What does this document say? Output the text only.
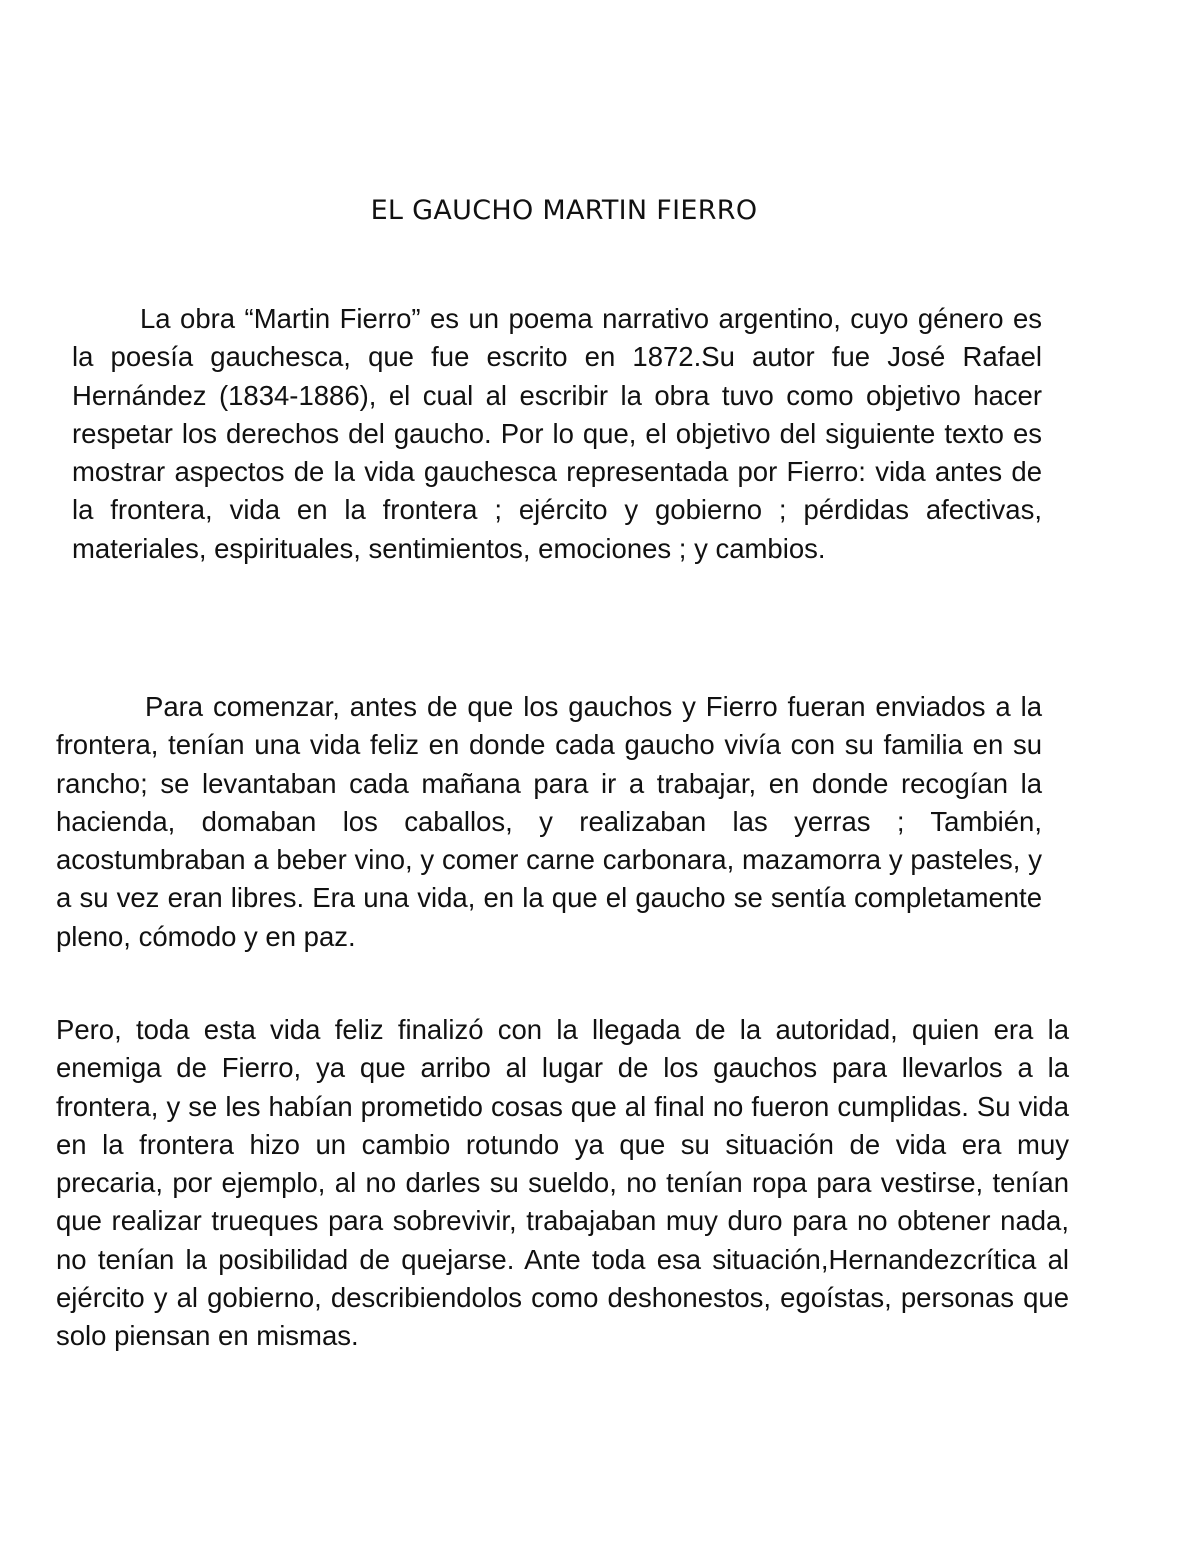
EL GAUCHO MARTIN FIERRO

La obra “Martin Fierro” es un poema narrativo argentino, cuyo género es la poesía gauchesca, que fue escrito en 1872.Su autor fue José Rafael Hernández (1834-1886), el cual al escribir la obra tuvo como objetivo hacer respetar los derechos del gaucho. Por lo que, el objetivo del siguiente texto es mostrar aspectos de la vida gauchesca representada por Fierro: vida antes de la frontera, vida en la frontera ; ejército y gobierno ; pérdidas afectivas, materiales, espirituales, sentimientos, emociones ; y cambios.

Para comenzar, antes de que los gauchos y Fierro fueran enviados a la frontera, tenían una vida feliz en donde cada gaucho vivía con su familia en su rancho; se levantaban cada mañana para ir a trabajar, en donde recogían la hacienda, domaban los caballos, y realizaban las yerras ; También, acostumbraban a beber vino, y comer carne carbonara, mazamorra y pasteles, y a su vez eran libres. Era una vida, en la que el gaucho se sentía completamente pleno, cómodo y en paz.

Pero, toda esta vida feliz finalizó con la llegada de la autoridad, quien era la enemiga de Fierro, ya que arribo al lugar de los gauchos para llevarlos a la frontera, y se les habían prometido cosas que al final no fueron cumplidas. Su vida en la frontera hizo un cambio rotundo ya que su situación de vida era muy precaria, por ejemplo, al no darles su sueldo, no tenían ropa para vestirse, tenían que realizar trueques para sobrevivir, trabajaban muy duro para no obtener nada, no tenían la posibilidad de quejarse. Ante toda esa situación,Hernandezcrítica al ejército y al gobierno, describiendolos como deshonestos, egoístas, personas que solo piensan en mismas.
